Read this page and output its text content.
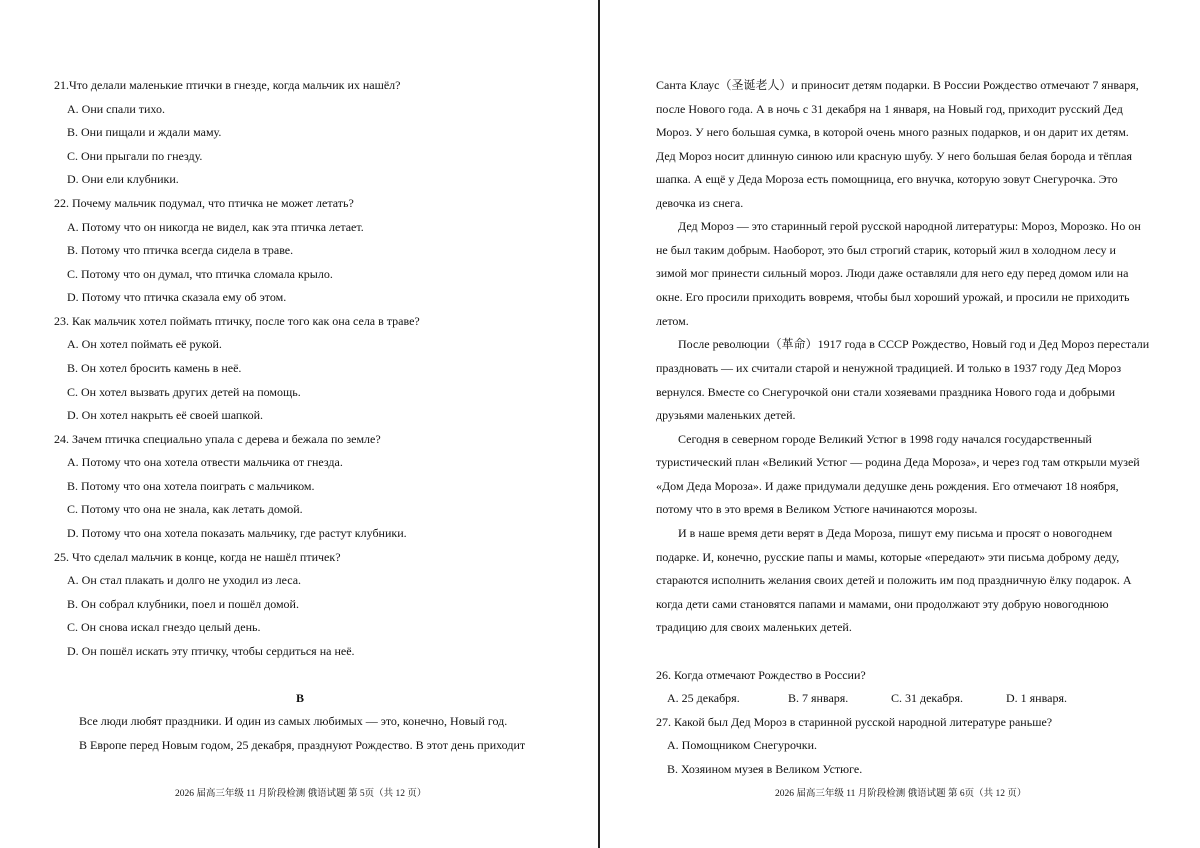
21.Что делали маленькие птички в гнезде, когда мальчик их нашёл?
A. Они спали тихо.
B. Они пищали и ждали маму.
C. Они прыгали по гнезду.
D. Они ели клубники.
22. Почему мальчик подумал, что птичка не может летать?
A. Потому что он никогда не видел, как эта птичка летает.
B. Потому что птичка всегда сидела в траве.
C. Потому что он думал, что птичка сломала крыло.
D. Потому что птичка сказала ему об этом.
23. Как мальчик хотел поймать птичку, после того как она села в траве?
A. Он хотел поймать её рукой.
B. Он хотел бросить камень в неё.
C. Он хотел вызвать других детей на помощь.
D. Он хотел накрыть её своей шапкой.
24. Зачем птичка специально упала с дерева и бежала по земле?
A. Потому что она хотела отвести мальчика от гнезда.
B. Потому что она хотела поиграть с мальчиком.
C. Потому что она не знала, как летать домой.
D. Потому что она хотела показать мальчику, где растут клубники.
25. Что сделал мальчик в конце, когда не нашёл птичек?
A. Он стал плакать и долго не уходил из леса.
B. Он собрал клубники, поел и пошёл домой.
C. Он снова искал гнездо целый день.
D. Он пошёл искать эту птичку, чтобы сердиться на неё.
B
Все люди любят праздники. И один из самых любимых — это, конечно, Новый год.
В Европе перед Новым годом, 25 декабря, празднуют Рождество. В этот день приходит
2026 届高三年级 11 月阶段检测 俄语试题 第 5页（共 12 页）
Санта Клаус（圣诞老人）и приносит детям подарки. В России Рождество отмечают 7 января,
после Нового года. А в ночь с 31 декабря на 1 января, на Новый год, приходит русский Дед
Мороз. У него большая сумка, в которой очень много разных подарков, и он дарит их детям.
Дед Мороз носит длинную синюю или красную шубу. У него большая белая борода и тёплая
шапка. А ещё у Деда Мороза есть помощница, его внучка, которую зовут Снегурочка. Это
девочка из снега.
Дед Мороз — это старинный герой русской народной литературы: Мороз, Морозко. Но он
не был таким добрым. Наоборот, это был строгий старик, который жил в холодном лесу и
зимой мог принести сильный мороз. Люди даже оставляли для него еду перед домом или на
окне. Его просили приходить вовремя, чтобы был хороший урожай, и просили не приходить
летом.
После революции（革命）1917 года в СССР Рождество, Новый год и Дед Мороз перестали
праздновать — их считали старой и ненужной традицией. И только в 1937 году Дед Мороз
вернулся. Вместе со Снегурочкой они стали хозяевами праздника Нового года и добрыми
друзьями маленьких детей.
Сегодня в северном городе Великий Устюг в 1998 году начался государственный
туристический план «Великий Устюг — родина Деда Мороза», и через год там открыли музей
«Дом Деда Мороза». И даже придумали дедушке день рождения. Его отмечают 18 ноября,
потому что в это время в Великом Устюге начинаются морозы.
И в наше время дети верят в Деда Мороза, пишут ему письма и просят о новогоднем
подарке. И, конечно, русские папы и мамы, которые «передают» эти письма доброму деду,
стараются исполнить желания своих детей и положить им под праздничную ёлку подарок. А
когда дети сами становятся папами и мамами, они продолжают эту добрую новогоднюю
традицию для своих маленьких детей.
26. Когда отмечают Рождество в России?
A. 25 декабря.	B. 7 января.	C. 31 декабря.	D. 1 января.
27. Какой был Дед Мороз в старинной русской народной литературе раньше?
A. Помощником Снегурочки.
B. Хозяином музея в Великом Устюге.
2026 届高三年级 11 月阶段检测 俄语试题 第 6页（共 12 页）
